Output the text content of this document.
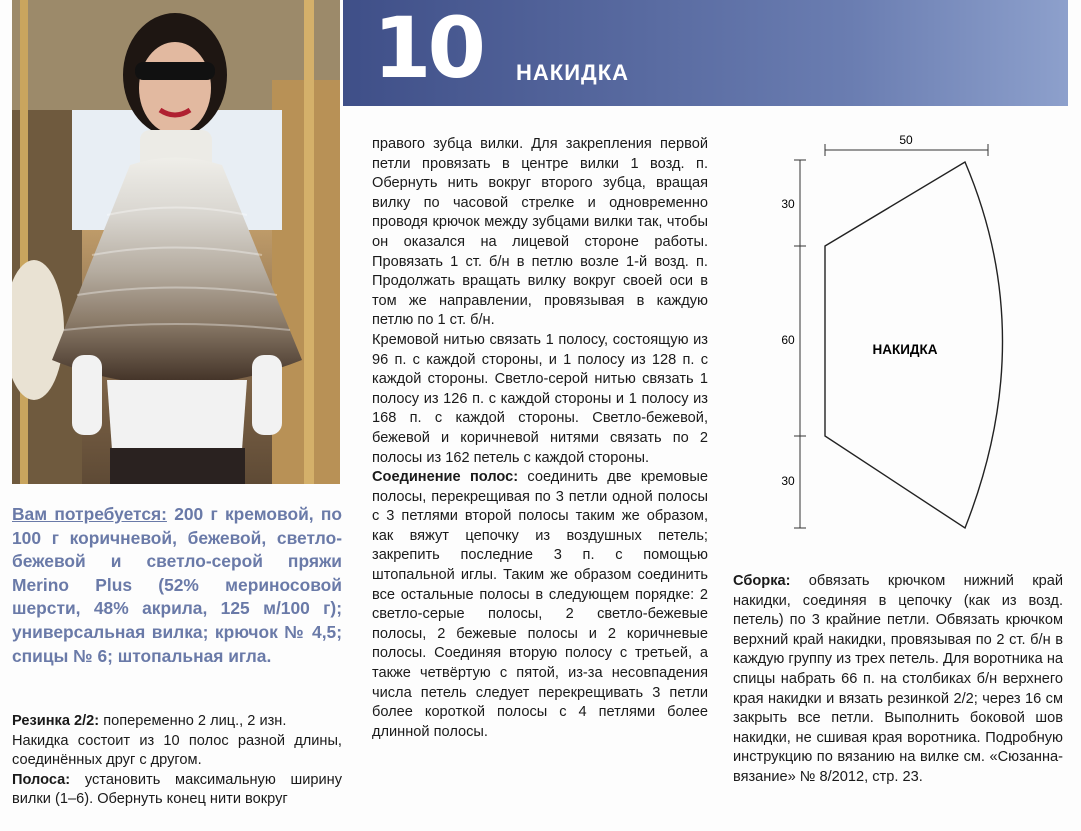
10 НАКИДКА
Вам потребуется: 200 г кремовой, по 100 г коричневой, бежевой, светло-бежевой и светло-серой пряжи Merino Plus (52% мериносовой шерсти, 48% акрила, 125 м/100 г); универсальная вилка; крючок № 4,5; спицы № 6; штопальная игла.

Резинка 2/2: попеременно 2 лиц., 2 изн.

Накидка состоит из 10 полос разной длины, соединённых друг с другом.

Полоса: установить максимальную ширину вилки (1–6). Обернуть конец нити вокруг

правого зубца вилки. Для закрепления первой петли провязать в центре вилки 1 возд. п. Обернуть нить вокруг второго зубца, вращая вилку по часовой стрелке и одновременно проводя крючок между зубцами вилки так, чтобы он оказался на лицевой стороне работы. Провязать 1 ст. б/н в петлю возле 1-й возд. п. Продолжать вращать вилку вокруг своей оси в том же направлении, провязывая в каждую петлю по 1 ст. б/н.

Кремовой нитью связать 1 полосу, состоящую из 96 п. с каждой стороны, и 1 полосу из 128 п. с каждой стороны. Светло-серой нитью связать 1 полосу из 126 п. с каждой стороны и 1 полосу из 168 п. с каждой стороны. Светло-бежевой, бежевой и коричневой нитями связать по 2 полосы из 162 петель с каждой стороны.

Соединение полос: соединить две кремовые полосы, перекрещивая по 3 петли одной полосы с 3 петлями второй полосы таким же образом, как вяжут цепочку из воздушных петель; закрепить последние 3 п. с помощью штопальной иглы. Таким же образом соединить все остальные полосы в следующем порядке: 2 светло-серые полосы, 2 светло-бежевые полосы, 2 бежевые полосы и 2 коричневые полосы. Соединяя вторую полосу с третьей, а также четвёртую с пятой, из-за несовпадения числа петель следует перекрещивать 3 петли более короткой полосы с 4 петлями более длинной полосы.

Сборка: обвязать крючком нижний край накидки, соединяя в цепочку (как из возд. петель) по 3 крайние петли. Обвязать крючком верхний край накидки, провязывая по 2 ст. б/н в каждую группу из трех петель. Для воротника на спицы набрать 66 п. на столбиках б/н верхнего края накидки и вязать резинкой 2/2; через 16 см закрыть все петли. Выполнить боковой шов накидки, не сшивая края воротника. Подробную инструкцию по вязанию на вилке см. «Сюзанна-вязание» № 8/2012, стр. 23.

50
30
60
30
НАКИДКА
